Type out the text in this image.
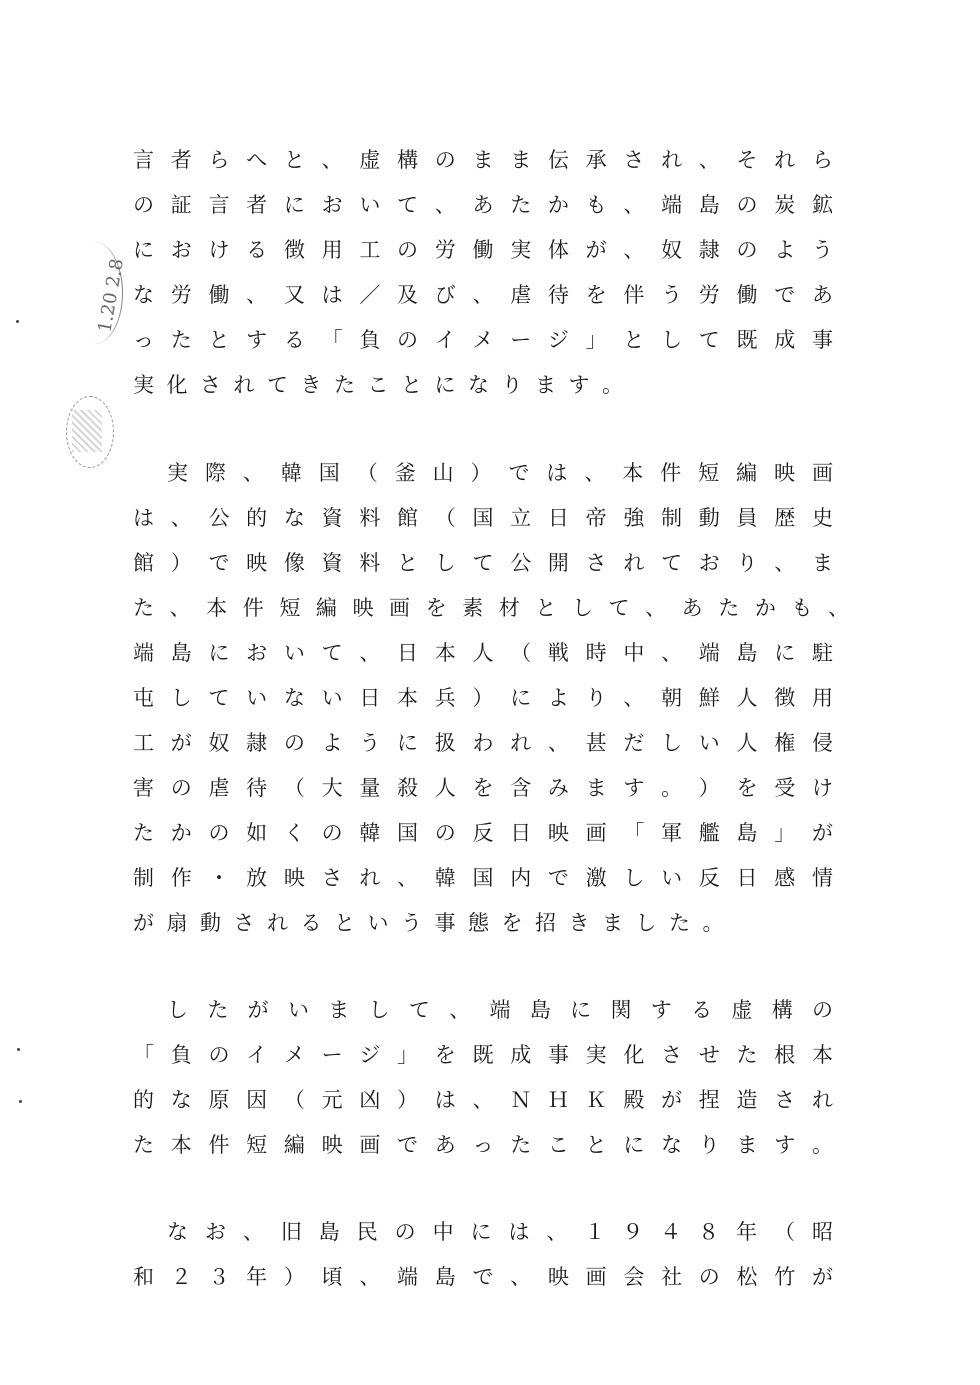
1.20 2.8
言 者 ら へ と 、 虚 構 の ま ま 伝 承 さ れ 、 そ れ ら
の 証 言 者 に お い て 、 あ た か も 、 端 島 の 炭 鉱
に お け る 徴 用 工 の 労 働 実 体 が 、 奴 隷 の よ う
な 労 働 、 又 は ／ 及 び 、 虐 待 を 伴 う 労 働 で あ
っ た と す る 「 負 の イ メ ー ジ 」 と し て 既 成 事
実 化 さ れ て き た こ と に な り ま す 。
実 際 、 韓 国 （ 釜 山 ） で は 、 本 件 短 編 映 画
は 、 公 的 な 資 料 館 （ 国 立 日 帝 強 制 動 員 歴 史
館 ） で 映 像 資 料 と し て 公 開 さ れ て お り 、 ま
た 、 本 件 短 編 映 画 を 素 材 と し て 、 あ た か も 、
端 島 に お い て 、 日 本 人 （ 戦 時 中 、 端 島 に 駐
屯 し て い な い 日 本 兵 ） に よ り 、 朝 鮮 人 徴 用
工 が 奴 隷 の よ う に 扱 わ れ 、 甚 だ し い 人 権 侵
害 の 虐 待 （ 大 量 殺 人 を 含 み ま す 。 ） を 受 け
た か の 如 く の 韓 国 の 反 日 映 画 「 軍 艦 島 」 が
制 作 ・ 放 映 さ れ 、 韓 国 内 で 激 し い 反 日 感 情
が 扇 動 さ れ る と い う 事 態 を 招 き ま し た 。
し た が い ま し て 、 端 島 に 関 す る 虚 構 の
「 負 の イ メ ー ジ 」 を 既 成 事 実 化 さ せ た 根 本
的 な 原 因 （ 元 凶 ） は 、 Ｎ Ｈ Ｋ 殿 が 捏 造 さ れ
た 本 件 短 編 映 画 で あ っ た こ と に な り ま す 。
な お 、 旧 島 民 の 中 に は 、 １ ９ ４ ８ 年 （ 昭
和 ２ ３ 年 ） 頃 、 端 島 で 、 映 画 会 社 の 松 竹 が
